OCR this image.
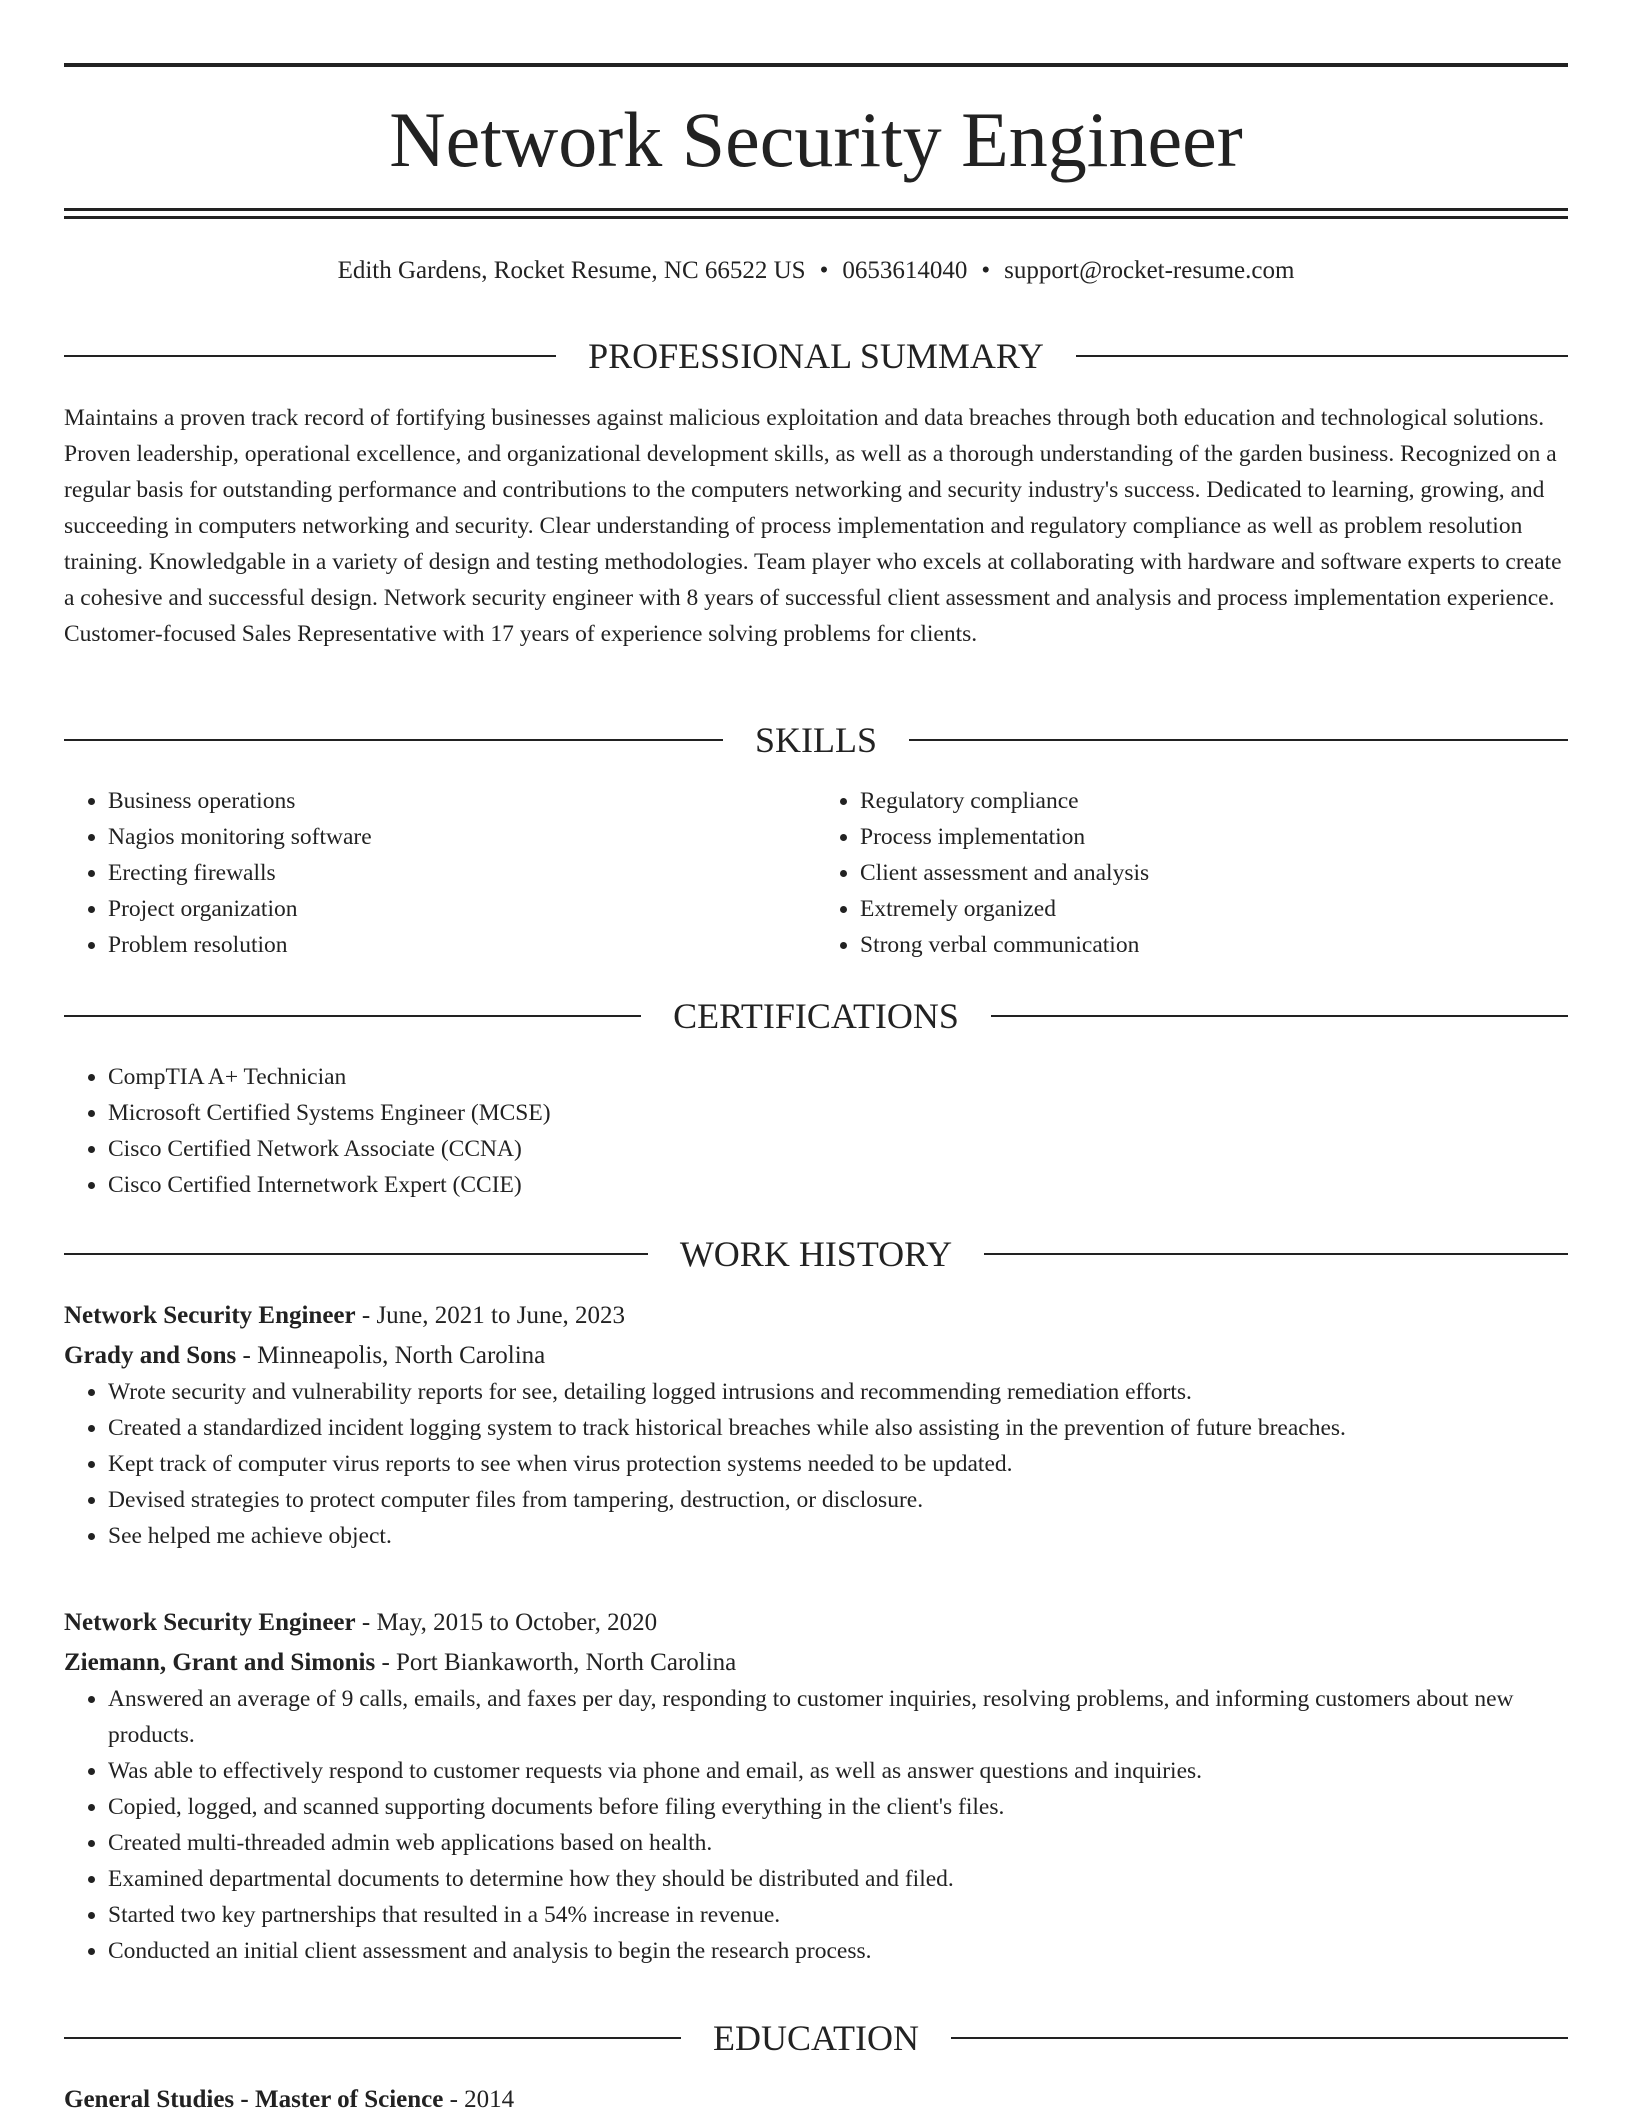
Network Security Engineer
Edith Gardens, Rocket Resume, NC 66522 US • 0653614040 • support@rocket-resume.com
PROFESSIONAL SUMMARY

Maintains a proven track record of fortifying businesses against malicious exploitation and data breaches through both education and technological solutions. Proven leadership, operational excellence, and organizational development skills, as well as a thorough understanding of the garden business. Recognized on a regular basis for outstanding performance and contributions to the computers networking and security industry's success. Dedicated to learning, growing, and succeeding in computers networking and security. Clear understanding of process implementation and regulatory compliance as well as problem resolution training. Knowledgable in a variety of design and testing methodologies. Team player who excels at collaborating with hardware and software experts to create a cohesive and successful design. Network security engineer with 8 years of successful client assessment and analysis and process implementation experience. Customer-focused Sales Representative with 17 years of experience solving problems for clients.

SKILLS
• Business operations
• Nagios monitoring software
• Erecting firewalls
• Project organization
• Problem resolution
• Regulatory compliance
• Process implementation
• Client assessment and analysis
• Extremely organized
• Strong verbal communication
CERTIFICATIONS
• CompTIA A+ Technician
• Microsoft Certified Systems Engineer (MCSE)
• Cisco Certified Network Associate (CCNA)
• Cisco Certified Internetwork Expert (CCIE)
WORK HISTORY
Network Security Engineer - June, 2021 to June, 2023
Grady and Sons - Minneapolis, North Carolina
• Wrote security and vulnerability reports for see, detailing logged intrusions and recommending remediation efforts.
• Created a standardized incident logging system to track historical breaches while also assisting in the prevention of future breaches.
• Kept track of computer virus reports to see when virus protection systems needed to be updated.
• Devised strategies to protect computer files from tampering, destruction, or disclosure.
• See helped me achieve object.
Network Security Engineer - May, 2015 to October, 2020
Ziemann, Grant and Simonis - Port Biankaworth, North Carolina
• Answered an average of 9 calls, emails, and faxes per day, responding to customer inquiries, resolving problems, and informing customers about new products.
• Was able to effectively respond to customer requests via phone and email, as well as answer questions and inquiries.
• Copied, logged, and scanned supporting documents before filing everything in the client's files.
• Created multi-threaded admin web applications based on health.
• Examined departmental documents to determine how they should be distributed and filed.
• Started two key partnerships that resulted in a 54% increase in revenue.
• Conducted an initial client assessment and analysis to begin the research process.
EDUCATION
General Studies - Master of Science - 2014
